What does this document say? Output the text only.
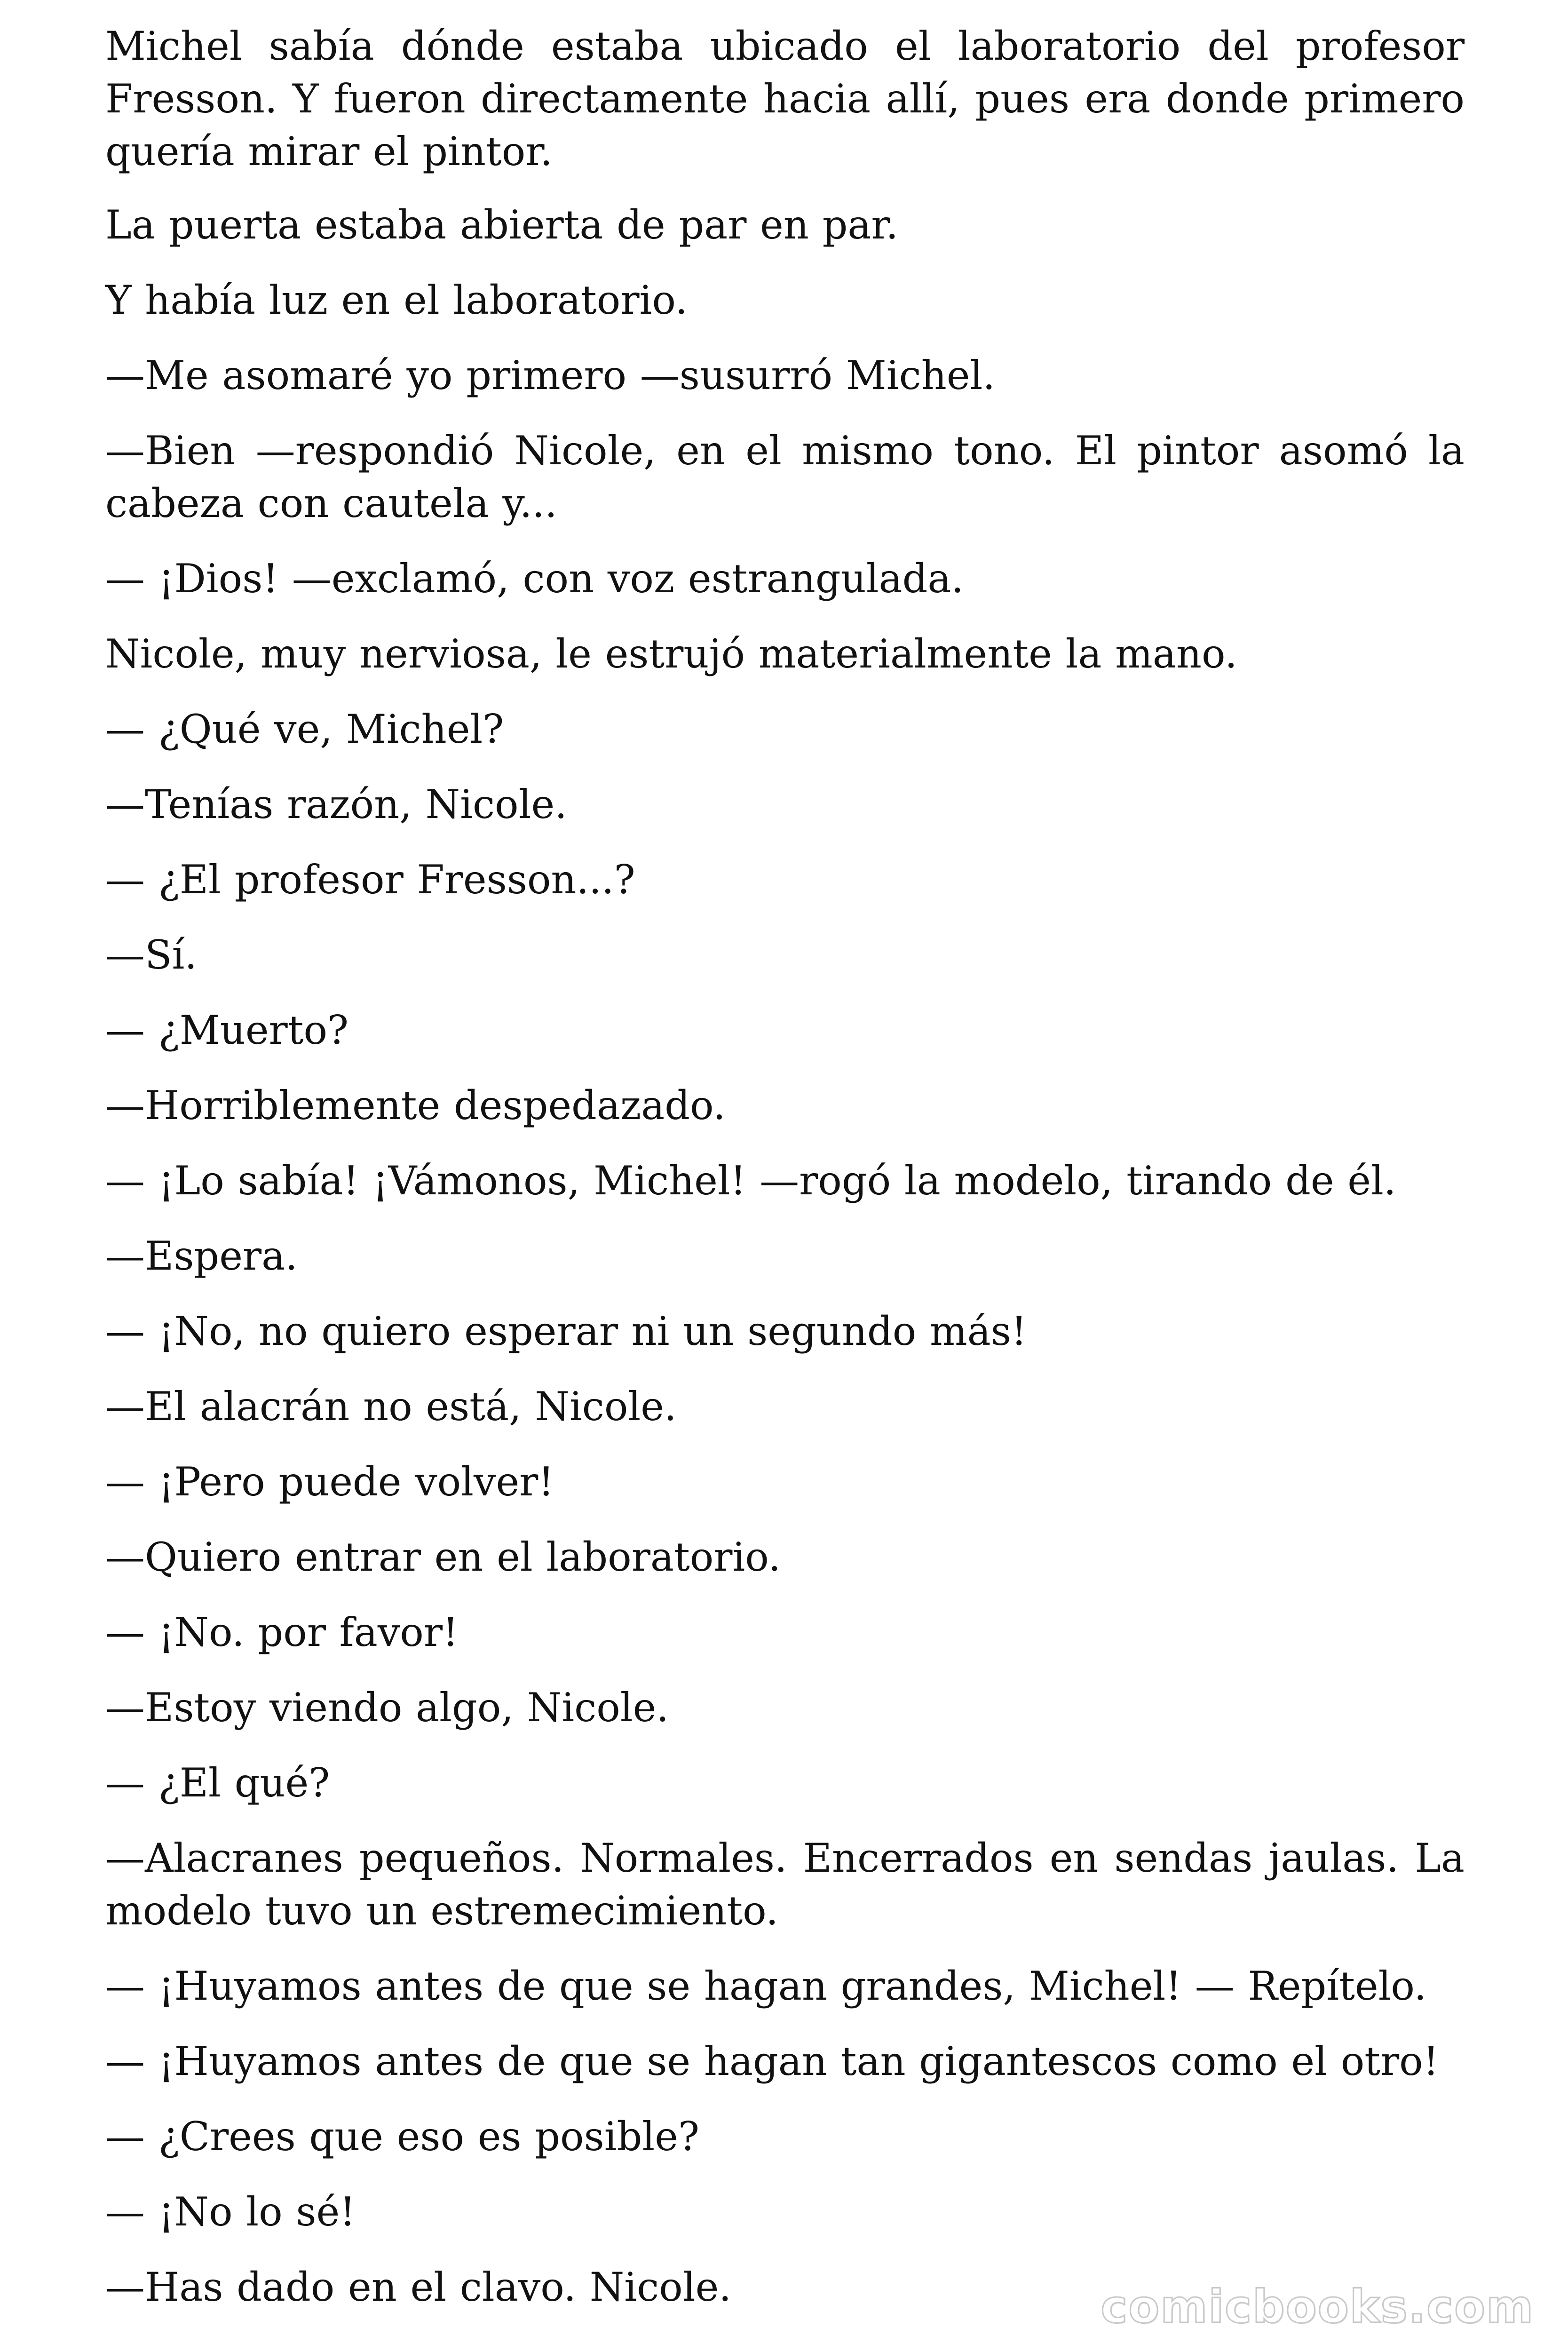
Michel sabía dónde estaba ubicado el laboratorio del profesor Fresson. Y fueron directamente hacia allí, pues era donde primero quería mirar el pintor.

La puerta estaba abierta de par en par.

Y había luz en el laboratorio.

—Me asomaré yo primero —susurró Michel.

—Bien —respondió Nicole, en el mismo tono. El pintor asomó la cabeza con cautela y...

— ¡Dios! —exclamó, con voz estrangulada.

Nicole, muy nerviosa, le estrujó materialmente la mano.

— ¿Qué ve, Michel?

—Tenías razón, Nicole.

— ¿El profesor Fresson...?

—Sí.

— ¿Muerto?

—Horriblemente despedazado.

— ¡Lo sabía! ¡Vámonos, Michel! —rogó la modelo, tirando de él.

—Espera.

— ¡No, no quiero esperar ni un segundo más!

—El alacrán no está, Nicole.

— ¡Pero puede volver!

—Quiero entrar en el laboratorio.

— ¡No. por favor!

—Estoy viendo algo, Nicole.

— ¿El qué?

—Alacranes pequeños. Normales. Encerrados en sendas jaulas. La modelo tuvo un estremecimiento.

— ¡Huyamos antes de que se hagan grandes, Michel! — Repítelo.

— ¡Huyamos antes de que se hagan tan gigantescos como el otro!

— ¿Crees que eso es posible?

— ¡No lo sé!

—Has dado en el clavo. Nicole.	comicbooks.com
